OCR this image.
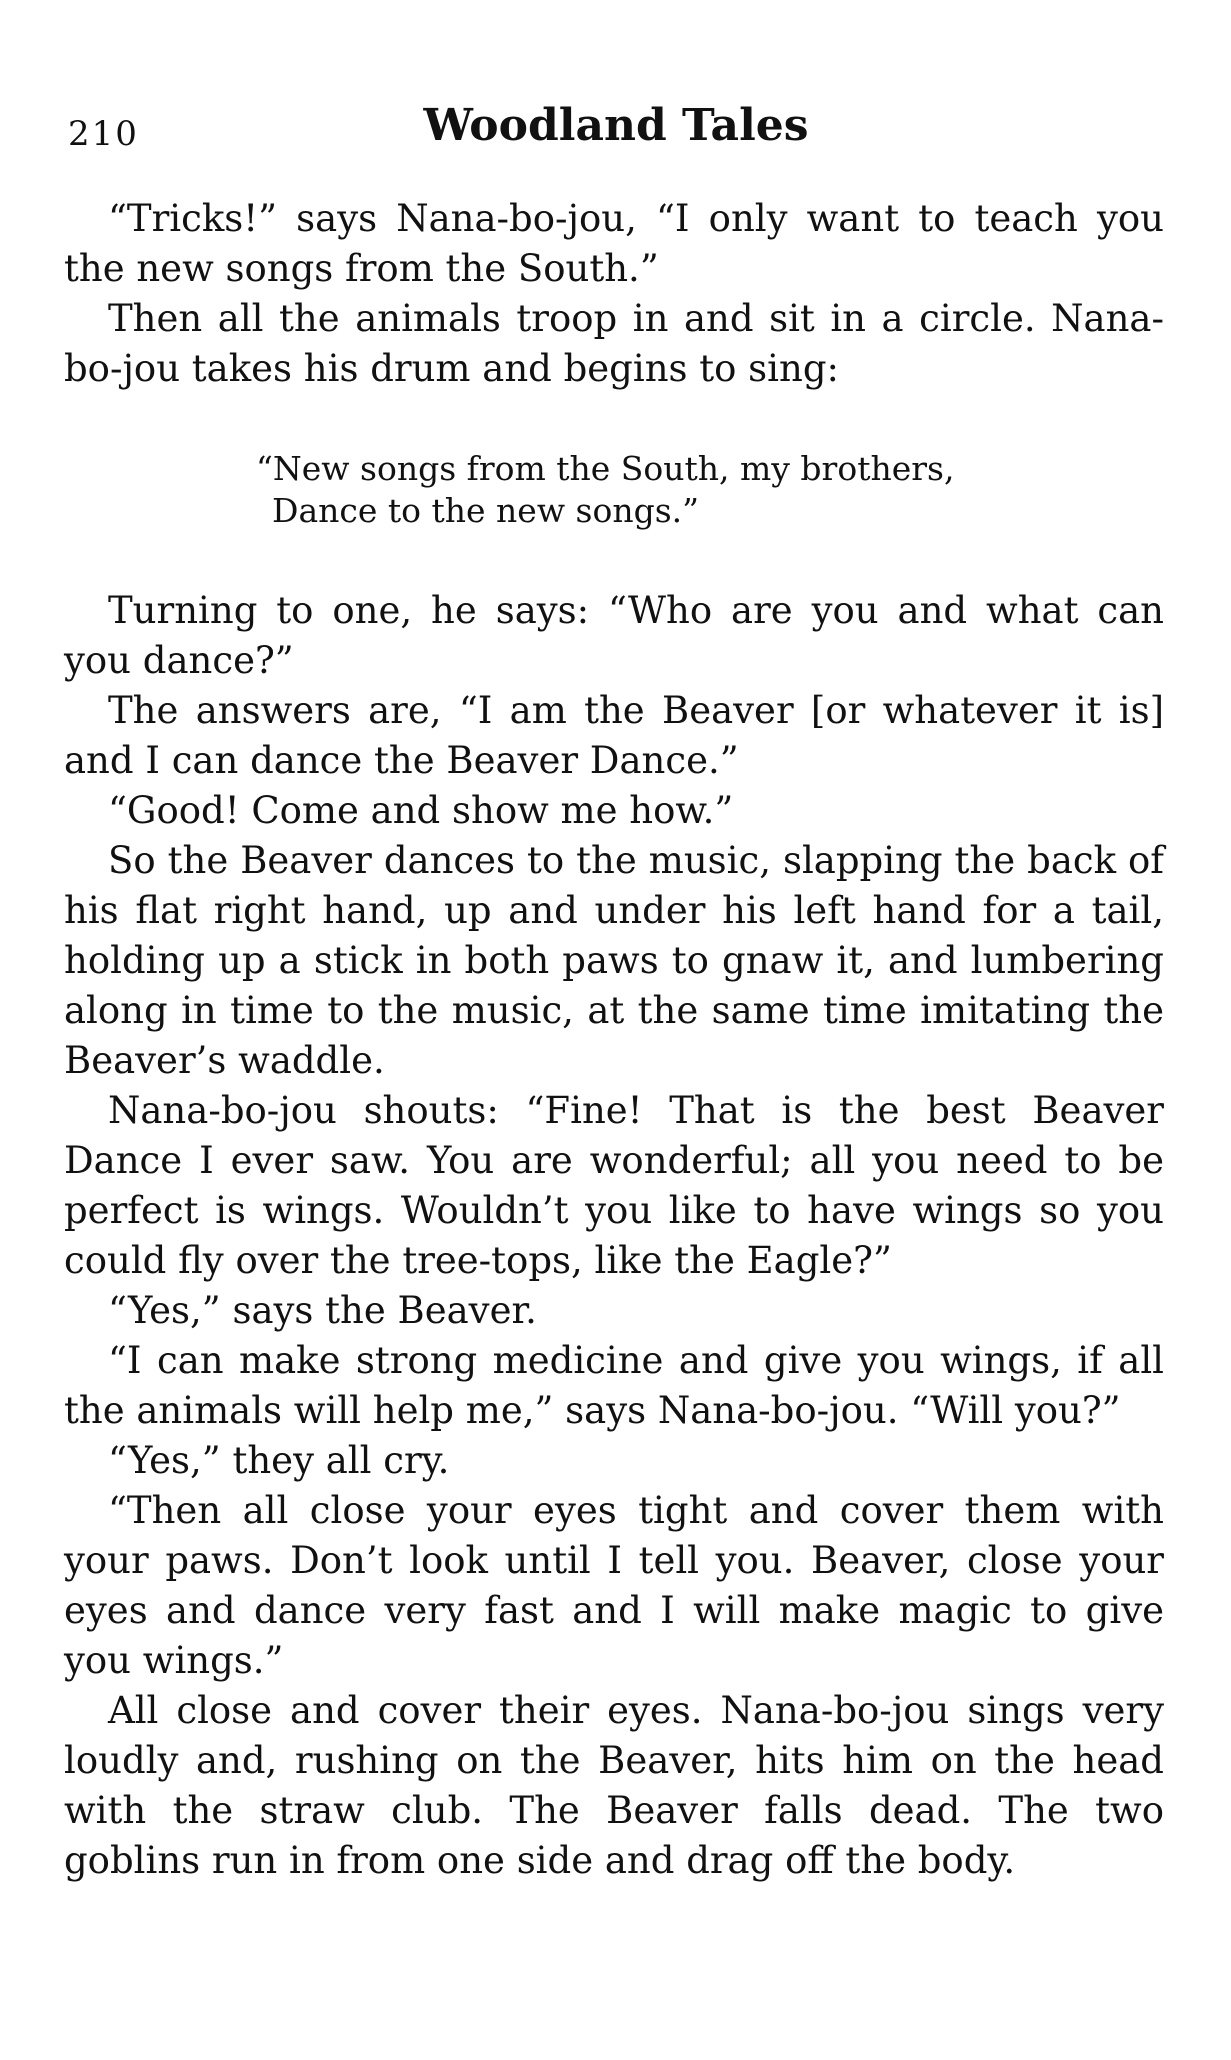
210	Woodland Tales

“Tricks!” says Nana-bo-jou, “I only want to teach you the new songs from the South.”

Then all the animals troop in and sit in a circle. Nana-bo-jou takes his drum and begins to sing:

“New songs from the South, my brothers,
Dance to the new songs.”

Turning to one, he says: “Who are you and what can you dance?”

The answers are, “I am the Beaver [or whatever it is] and I can dance the Beaver Dance.”

“Good! Come and show me how.”

So the Beaver dances to the music, slapping the back of his flat right hand, up and under his left hand for a tail, holding up a stick in both paws to gnaw it, and lumbering along in time to the music, at the same time imitating the Beaver’s waddle.

Nana-bo-jou shouts: “Fine! That is the best Beaver Dance I ever saw. You are wonderful; all you need to be perfect is wings. Wouldn’t you like to have wings so you could fly over the tree-tops, like the Eagle?”

“Yes,” says the Beaver.

“I can make strong medicine and give you wings, if all the animals will help me,” says Nana-bo-jou. “Will you?”

“Yes,” they all cry.

“Then all close your eyes tight and cover them with your paws. Don’t look until I tell you. Beaver, close your eyes and dance very fast and I will make magic to give you wings.”

All close and cover their eyes. Nana-bo-jou sings very loudly and, rushing on the Beaver, hits him on the head with the straw club. The Beaver falls dead. The two goblins run in from one side and drag off the body.
